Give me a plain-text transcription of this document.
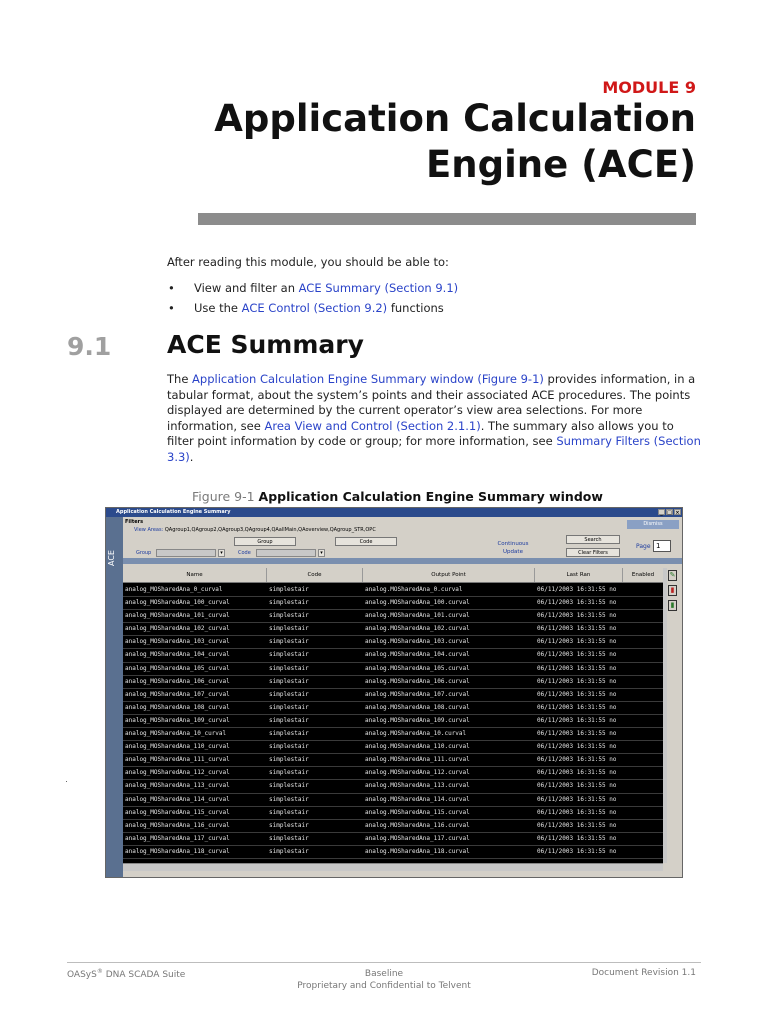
MODULE 9
Application Calculation
Engine (ACE)
After reading this module, you should be able to:
• View and filter an ACE Summary (Section 9.1)
• Use the ACE Control (Section 9.2) functions
9.1 ACE Summary
The Application Calculation Engine Summary window (Figure 9-1) provides information, in a tabular format, about the system’s points and their associated ACE procedures. The points displayed are determined by the current operator’s view area selections. For more information, see Area View and Control (Section 2.1.1). The summary also allows you to filter point information by code or group; for more information, see Summary Filters (Section 3.3).
Figure 9-1 Application Calculation Engine Summary window
Application Calculation Engine Summary	_ □ ×
ACE
Filters
View Areas: QAgroup1,QAgroup2,QAgroup3,QAgroup4,QAallMain,QAoverview,QAgroup_STR,OPC
Group	Code
Group	▾	Code	▾
Continuous Update
Search
Clear Filters
Dismiss
Page 1
Name	Code	Output Point	Last Ran	Enabled
analog_MOSharedAna_0_curval	simplestair	analog.MOSharedAna_0.curval	06/11/2003 16:31:55 no
analog_MOSharedAna_100_curval	simplestair	analog.MOSharedAna_100.curval	06/11/2003 16:31:55 no
analog_MOSharedAna_101_curval	simplestair	analog.MOSharedAna_101.curval	06/11/2003 16:31:55 no
analog_MOSharedAna_102_curval	simplestair	analog.MOSharedAna_102.curval	06/11/2003 16:31:55 no
analog_MOSharedAna_103_curval	simplestair	analog.MOSharedAna_103.curval	06/11/2003 16:31:55 no
analog_MOSharedAna_104_curval	simplestair	analog.MOSharedAna_104.curval	06/11/2003 16:31:55 no
analog_MOSharedAna_105_curval	simplestair	analog.MOSharedAna_105.curval	06/11/2003 16:31:55 no
analog_MOSharedAna_106_curval	simplestair	analog.MOSharedAna_106.curval	06/11/2003 16:31:55 no
analog_MOSharedAna_107_curval	simplestair	analog.MOSharedAna_107.curval	06/11/2003 16:31:55 no
analog_MOSharedAna_108_curval	simplestair	analog.MOSharedAna_108.curval	06/11/2003 16:31:55 no
analog_MOSharedAna_109_curval	simplestair	analog.MOSharedAna_109.curval	06/11/2003 16:31:55 no
analog_MOSharedAna_10_curval	simplestair	analog.MOSharedAna_10.curval	06/11/2003 16:31:55 no
analog_MOSharedAna_110_curval	simplestair	analog.MOSharedAna_110.curval	06/11/2003 16:31:55 no
analog_MOSharedAna_111_curval	simplestair	analog.MOSharedAna_111.curval	06/11/2003 16:31:55 no
analog_MOSharedAna_112_curval	simplestair	analog.MOSharedAna_112.curval	06/11/2003 16:31:55 no
analog_MOSharedAna_113_curval	simplestair	analog.MOSharedAna_113.curval	06/11/2003 16:31:55 no
analog_MOSharedAna_114_curval	simplestair	analog.MOSharedAna_114.curval	06/11/2003 16:31:55 no
analog_MOSharedAna_115_curval	simplestair	analog.MOSharedAna_115.curval	06/11/2003 16:31:55 no
analog_MOSharedAna_116_curval	simplestair	analog.MOSharedAna_116.curval	06/11/2003 16:31:55 no
analog_MOSharedAna_117_curval	simplestair	analog.MOSharedAna_117.curval	06/11/2003 16:31:55 no
analog_MOSharedAna_118_curval	simplestair	analog.MOSharedAna_118.curval	06/11/2003 16:31:55 no
✎
▮
▮
OASyS® DNA SCADA Suite	Baseline
Proprietary and Confidential to Telvent
Document Revision 1.1
